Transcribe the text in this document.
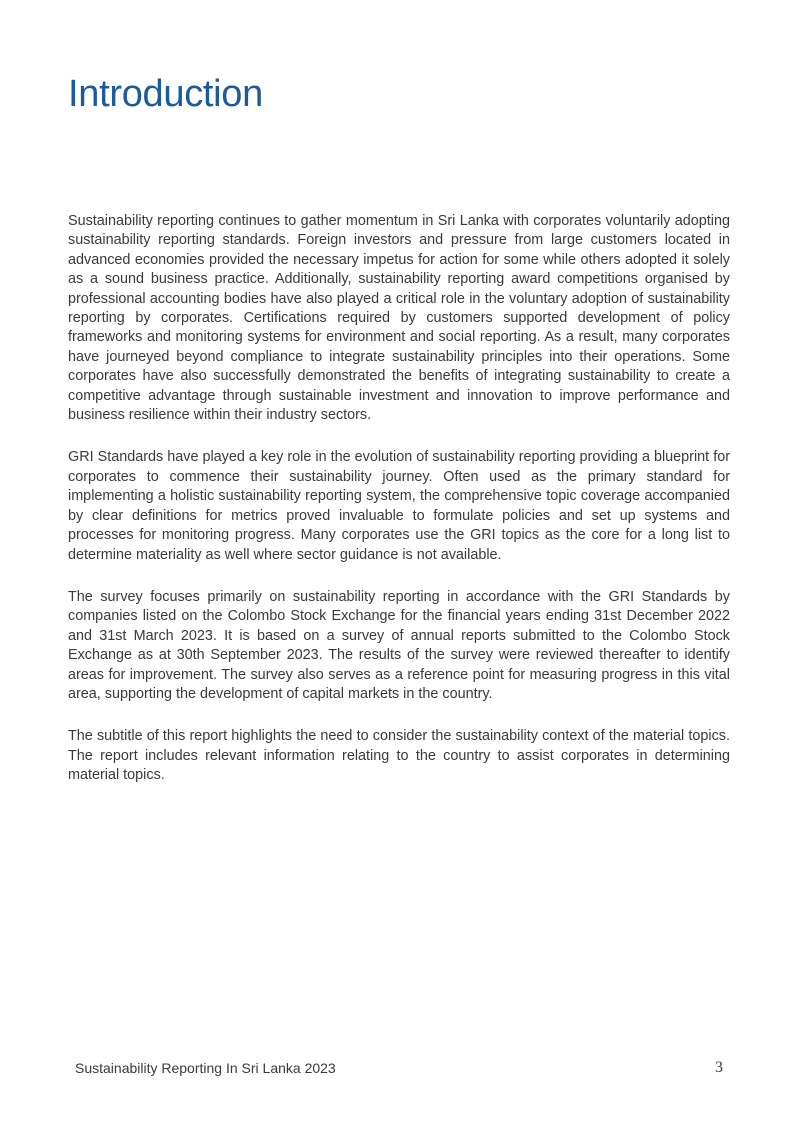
Introduction

Sustainability reporting continues to gather momentum in Sri Lanka with corporates voluntarily adopting sustainability reporting standards. Foreign investors and pressure from large customers located in advanced economies provided the necessary impetus for action for some while others adopted it solely as a sound business practice. Additionally, sustainability reporting award competitions organised by professional accounting bodies have also played a critical role in the voluntary adoption of sustainability reporting by corporates. Certifications required by customers supported development of policy frameworks and monitoring systems for environment and social reporting. As a result, many corporates have journeyed beyond compliance to integrate sustainability principles into their operations. Some corporates have also successfully demonstrated the benefits of integrating sustainability to create a competitive advantage through sustainable investment and innovation to improve performance and business resilience within their industry sectors.

GRI Standards have played a key role in the evolution of sustainability reporting providing a blueprint for corporates to commence their sustainability journey. Often used as the primary standard for implementing a holistic sustainability reporting system, the comprehensive topic coverage accompanied by clear definitions for metrics proved invaluable to formulate policies and set up systems and processes for monitoring progress. Many corporates use the GRI topics as the core for a long list to determine materiality as well where sector guidance is not available.

The survey focuses primarily on sustainability reporting in accordance with the GRI Standards by companies listed on the Colombo Stock Exchange for the financial years ending 31st December 2022 and 31st March 2023. It is based on a survey of annual reports submitted to the Colombo Stock Exchange as at 30th September 2023. The results of the survey were reviewed thereafter to identify areas for improvement. The survey also serves as a reference point for measuring progress in this vital area, supporting the development of capital markets in the country.

The subtitle of this report highlights the need to consider the sustainability context of the material topics. The report includes relevant information relating to the country to assist corporates in determining material topics.

Sustainability Reporting In Sri Lanka 2023	3
